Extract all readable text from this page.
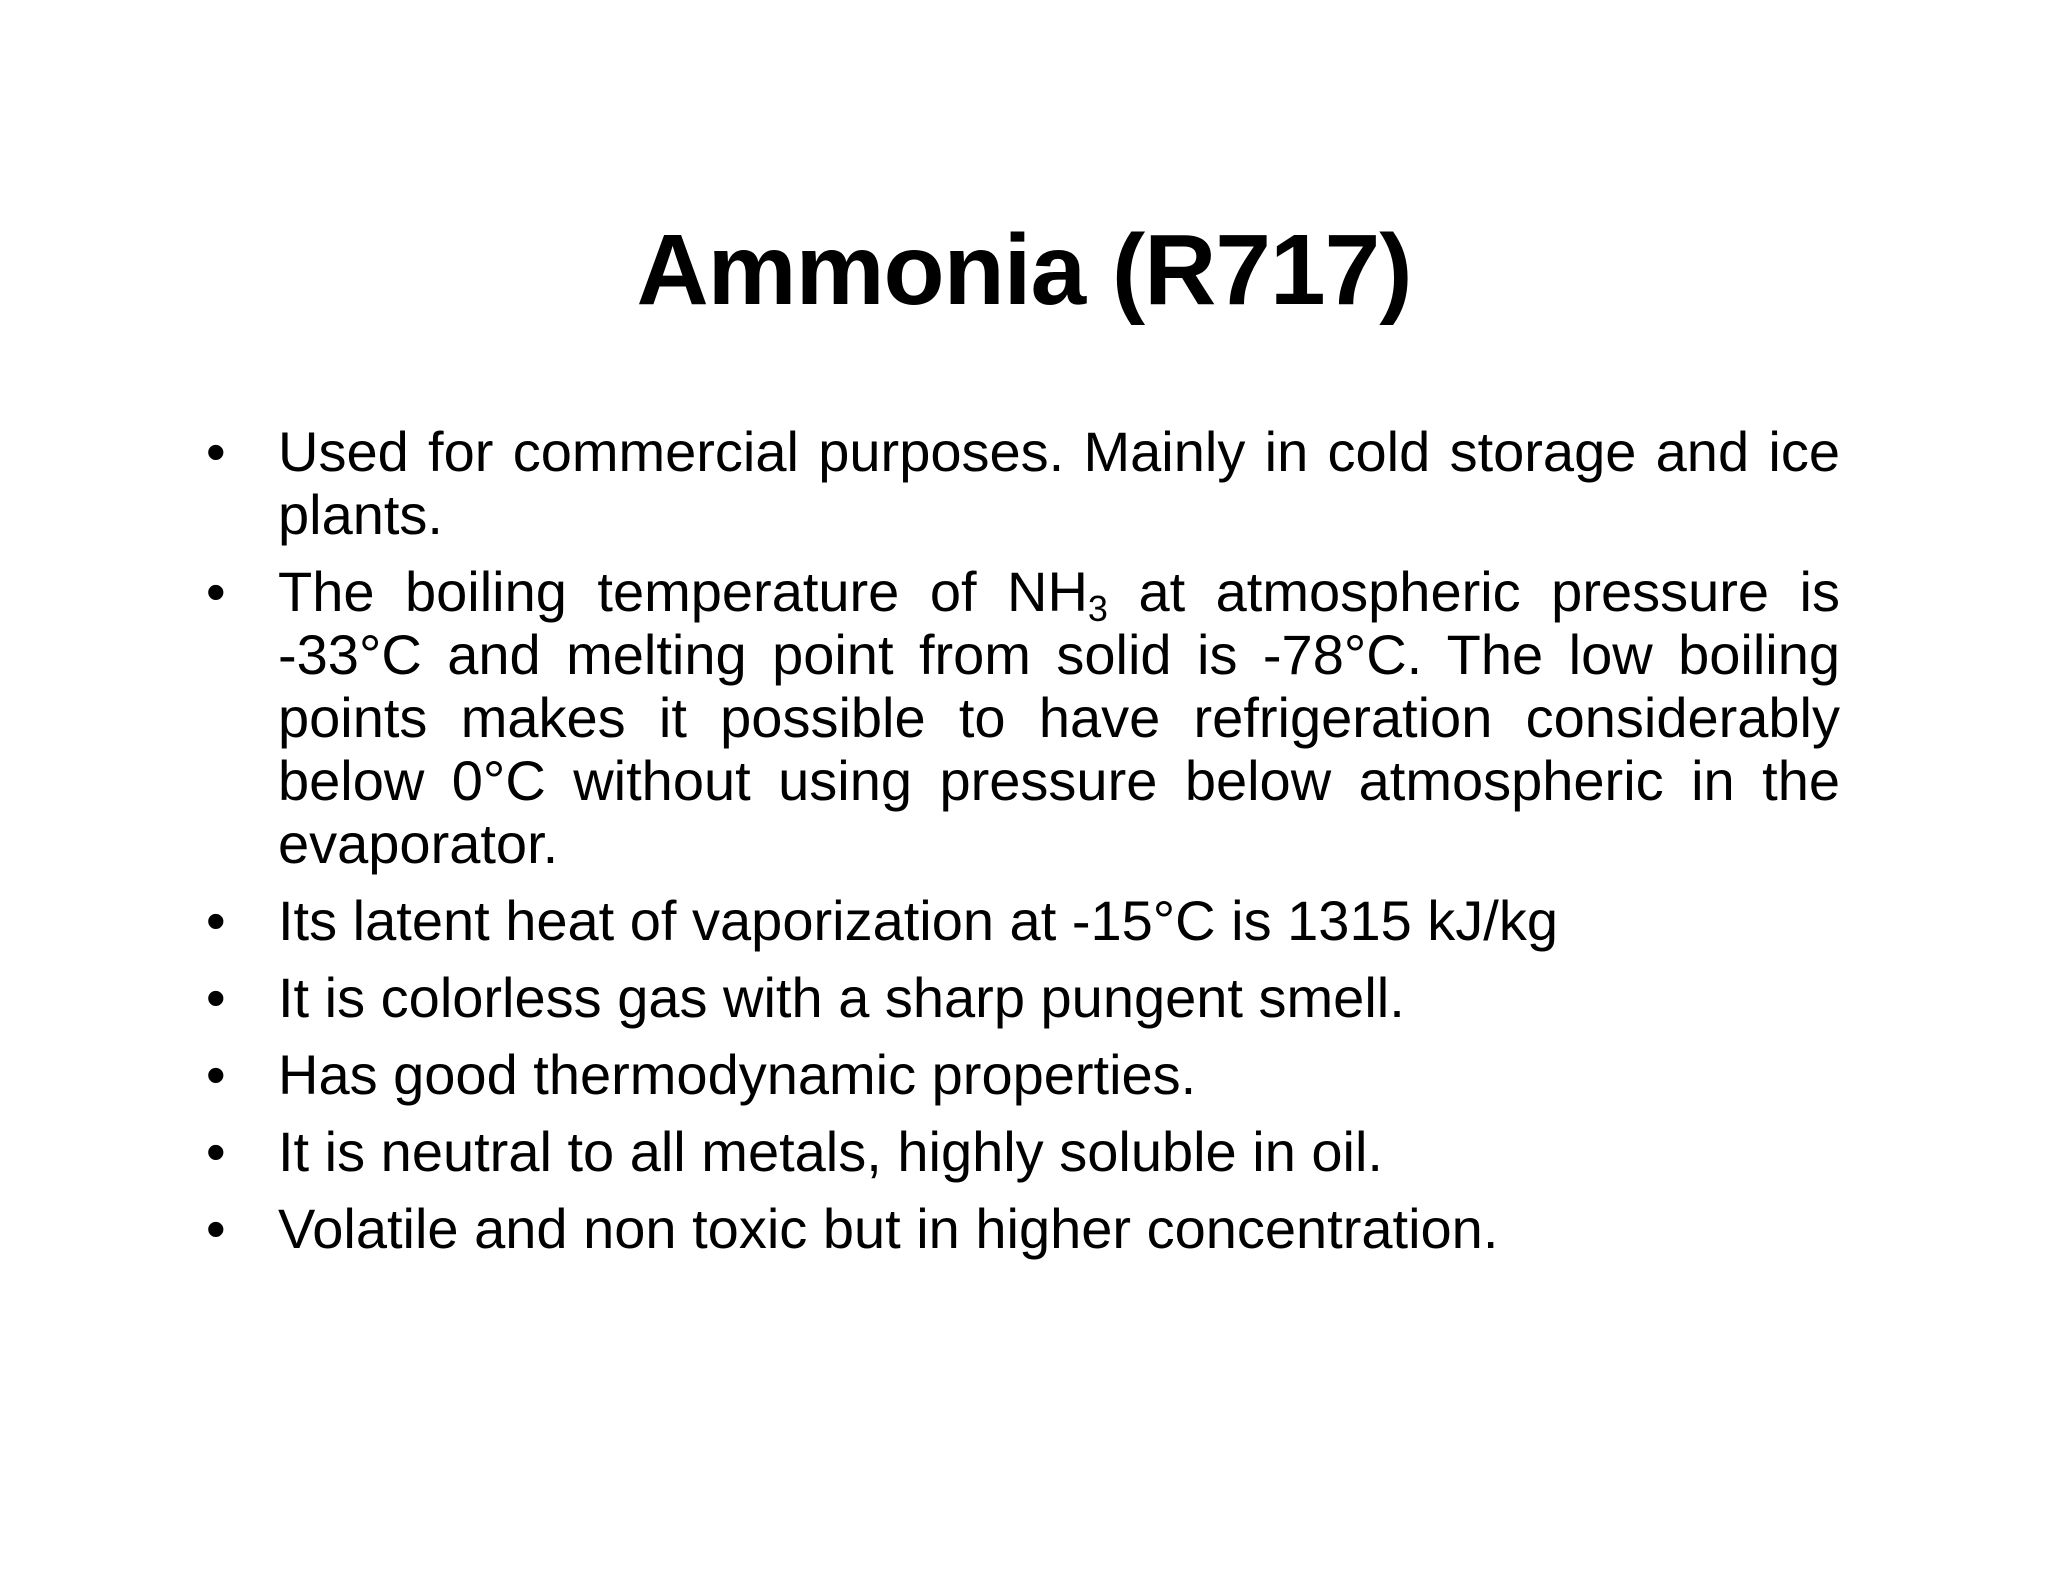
Ammonia (R717)
• Used for commercial purposes. Mainly in cold storage and ice plants.
• The boiling temperature of $NH_3$ at atmospheric pressure is -33°C and melting point from solid is -78°C. The low boiling points makes it possible to have refrigeration considerably below 0°C without using pressure below atmospheric in the evaporator.
• Its latent heat of vaporization at -15°C is 1315 kJ/kg
• It is colorless gas with a sharp pungent smell.
• Has good thermodynamic properties.
• It is neutral to all metals, highly soluble in oil.
• Volatile and non toxic but in higher concentration.
